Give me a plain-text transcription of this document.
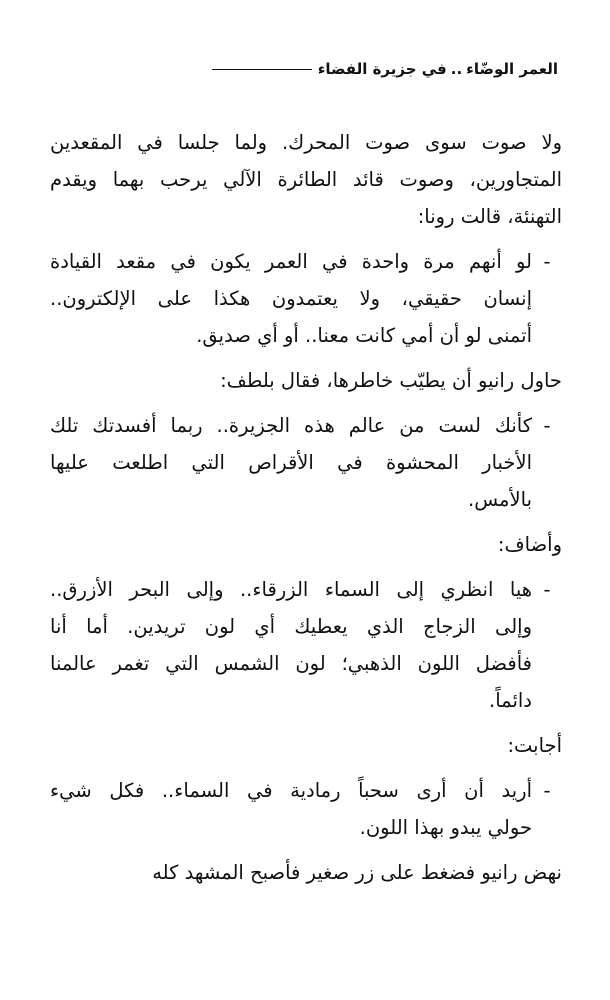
العمر الوضّاء
..
في جزيرة الفضاء
ولا صوت سوى صوت المحرك. ولما جلسا في المقعدين
المتجاورين، وصوت قائد الطائرة الآلي يرحب بهما ويقدم
التهنئة، قالت رونا:
-
لو أنهم مرة واحدة في العمر يكون في مقعد القيادة
إنسان حقيقي، ولا يعتمدون هكذا على الإلكترون..
أتمنى لو أن أمي كانت معنا.. أو أي صديق.
حاول رانيو أن يطيّب خاطرها، فقال بلطف:
-
كأنك لست من عالم هذه الجزيرة.. ربما أفسدتك تلك
الأخبار المحشوة في الأقراص التي اطلعت عليها
بالأمس.
وأضاف:
-
هيا انظري إلى السماء الزرقاء.. وإلى البحر الأزرق..
وإلى الزجاج الذي يعطيك أي لون تريدين. أما أنا
فأفضل اللون الذهبي؛ لون الشمس التي تغمر عالمنا
دائماً.
أجابت:
-
أريد أن أرى سحباً رمادية في السماء.. فكل شيء
حولي يبدو بهذا اللون.
نهض رانيو فضغط على زر صغير فأصبح المشهد كله
